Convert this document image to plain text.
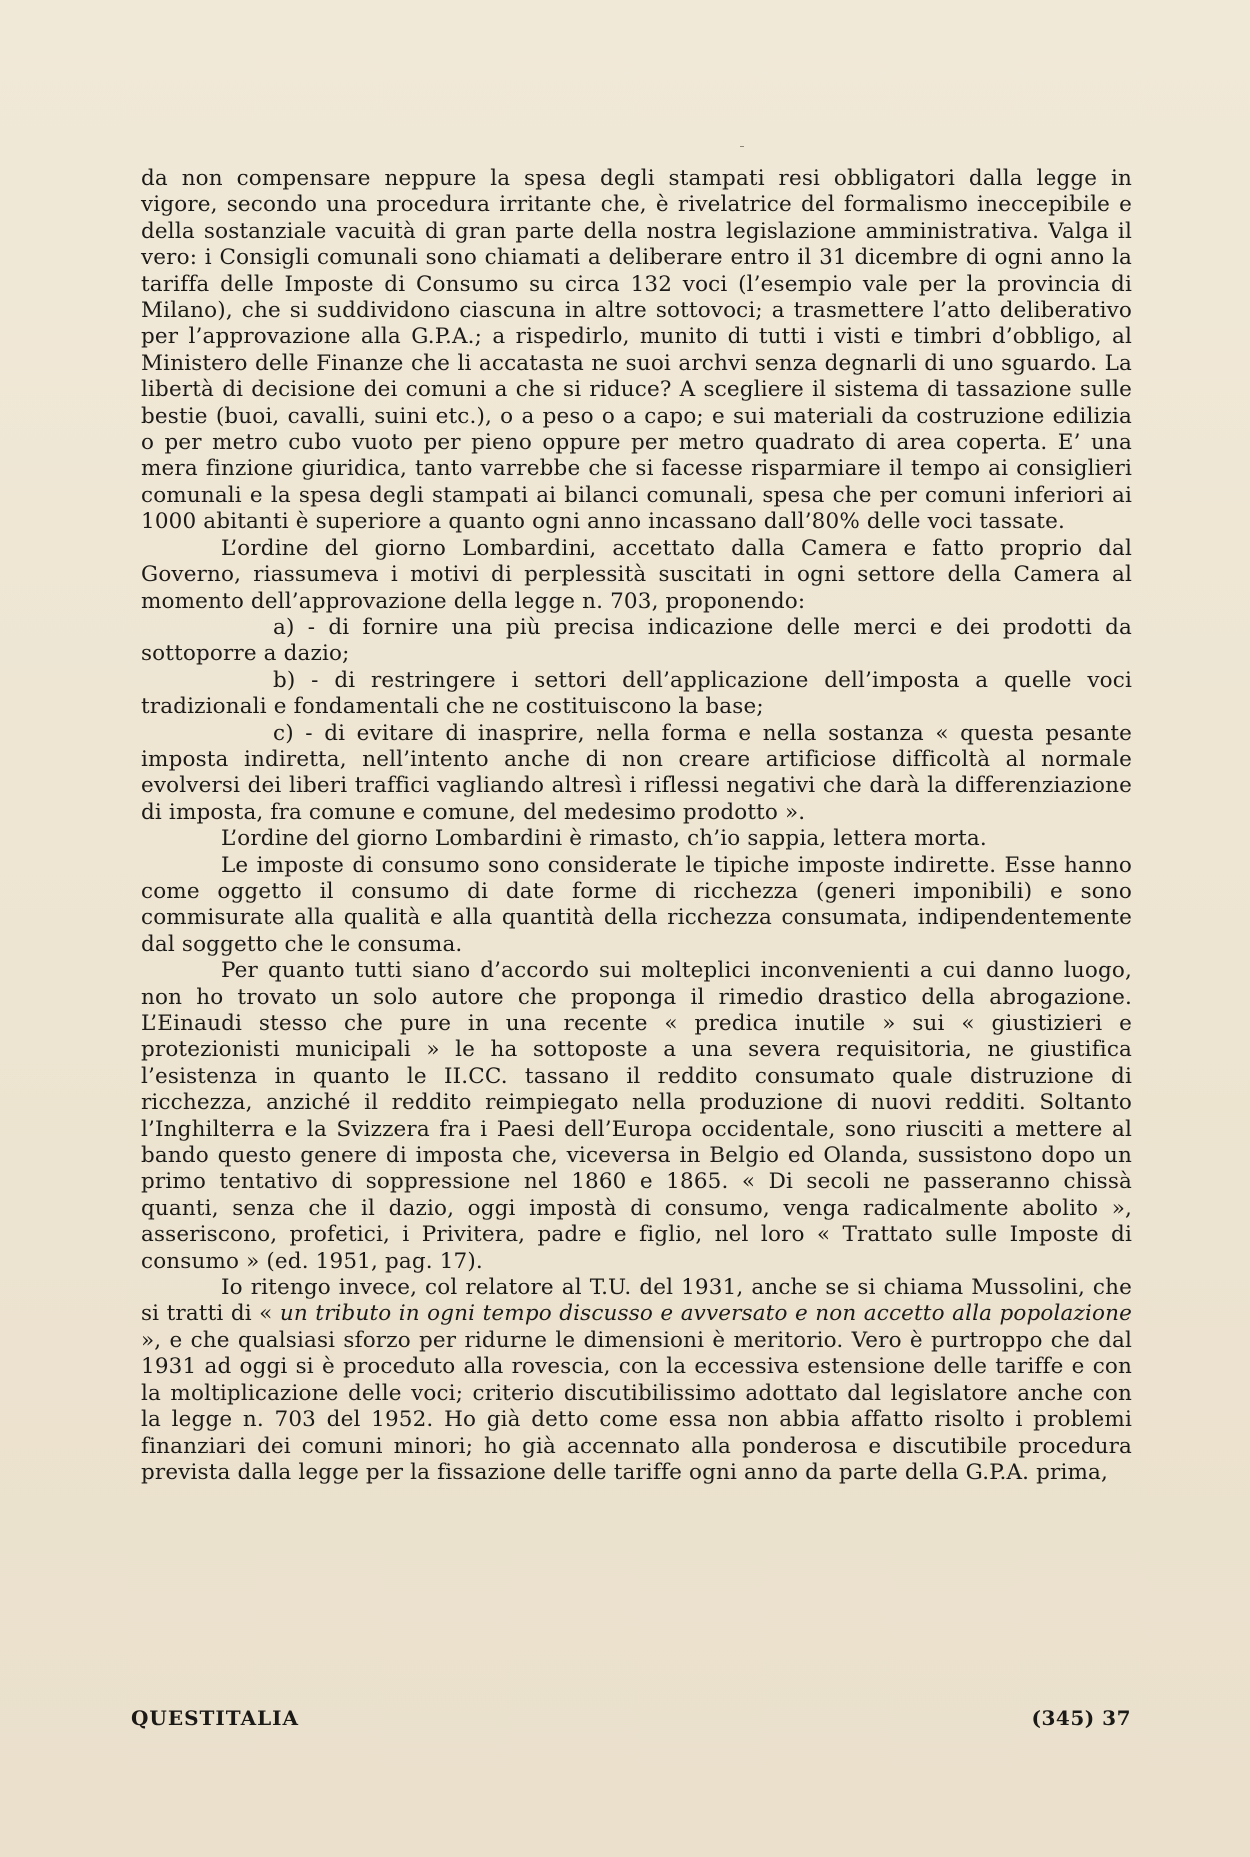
da non compensare neppure la spesa degli stampati resi obbligatori dalla legge in vigore, secondo una procedura irritante che, è rivelatrice del formalismo ineccepibile e della sostanziale vacuità di gran parte della nostra legislazione amministrativa. Valga il vero: i Consigli comunali sono chiamati a deliberare entro il 31 dicembre di ogni anno la tariffa delle Imposte di Consumo su circa 132 voci (l’esempio vale per la provincia di Milano), che si suddividono ciascuna in altre sottovoci; a trasmettere l’atto deliberativo per l’approvazione alla G.P.A.; a rispedirlo, munito di tutti i visti e timbri d’obbligo, al Ministero delle Finanze che li accatasta ne suoi archvi senza degnarli di uno sguardo. La libertà di decisione dei comuni a che si riduce? A scegliere il sistema di tassazione sulle bestie (buoi, cavalli, suini etc.), o a peso o a capo; e sui materiali da costruzione edilizia o per metro cubo vuoto per pieno oppure per metro quadrato di area coperta. E’ una mera finzione giuridica, tanto varrebbe che si facesse risparmiare il tempo ai consiglieri comunali e la spesa degli stampati ai bilanci comunali, spesa che per comuni inferiori ai 1000 abitanti è superiore a quanto ogni anno incassano dall’80% delle voci tassate.

L’ordine del giorno Lombardini, accettato dalla Camera e fatto proprio dal Governo, riassumeva i motivi di perplessità suscitati in ogni settore della Camera al momento dell’approvazione della legge n. 703, proponendo:

a) - di fornire una più precisa indicazione delle merci e dei prodotti da sottoporre a dazio;

b) - di restringere i settori dell’applicazione dell’imposta a quelle voci tradizionali e fondamentali che ne costituiscono la base;

c) - di evitare di inasprire, nella forma e nella sostanza « questa pesante imposta indiretta, nell’intento anche di non creare artificiose difficoltà al normale evolversi dei liberi traffici vagliando altresì i riflessi negativi che darà la differenziazione di imposta, fra comune e comune, del medesimo prodotto ».

L’ordine del giorno Lombardini è rimasto, ch’io sappia, lettera morta.

Le imposte di consumo sono considerate le tipiche imposte indirette. Esse hanno come oggetto il consumo di date forme di ricchezza (generi imponibili) e sono commisurate alla qualità e alla quantità della ricchezza consumata, indipendentemente dal soggetto che le consuma.

Per quanto tutti siano d’accordo sui molteplici inconvenienti a cui danno luogo, non ho trovato un solo autore che proponga il rimedio drastico della abrogazione. L’Einaudi stesso che pure in una recente « predica inutile » sui « giustizieri e protezionisti municipali » le ha sottoposte a una severa requisitoria, ne giustifica l’esistenza in quanto le II.CC. tassano il reddito consumato quale distruzione di ricchezza, anziché il reddito reimpiegato nella produzione di nuovi redditi. Soltanto l’Inghilterra e la Svizzera fra i Paesi dell’Europa occidentale, sono riusciti a mettere al bando questo genere di imposta che, viceversa in Belgio ed Olanda, sussistono dopo un primo tentativo di soppressione nel 1860 e 1865. « Di secoli ne passeranno chissà quanti, senza che il dazio, oggi impostà di consumo, venga radicalmente abolito », asseriscono, profetici, i Privitera, padre e figlio, nel loro « Trattato sulle Imposte di consumo » (ed. 1951, pag. 17).

Io ritengo invece, col relatore al T.U. del 1931, anche se si chiama Mussolini, che si tratti di « un tributo in ogni tempo discusso e avversato e non accetto alla popolazione », e che qualsiasi sforzo per ridurne le dimensioni è meritorio. Vero è purtroppo che dal 1931 ad oggi si è proceduto alla rovescia, con la eccessiva estensione delle tariffe e con la moltiplicazione delle voci; criterio discutibilissimo adottato dal legislatore anche con la legge n. 703 del 1952. Ho già detto come essa non abbia affatto risolto i problemi finanziari dei comuni minori; ho già accennato alla ponderosa e discutibile procedura prevista dalla legge per la fissazione delle tariffe ogni anno da parte della G.P.A. prima,

QUESTITALIA	(345) 37
